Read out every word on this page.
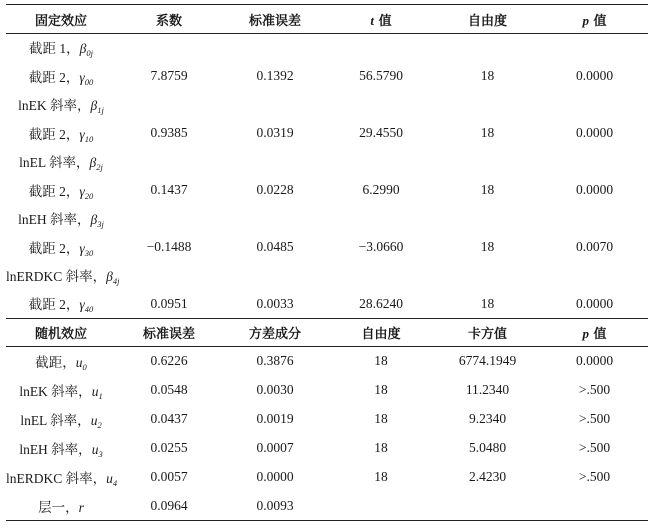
固定效应	系数	标准误差	t 值	自由度	p 值
截距 1，$\beta_{0j}$					
截距 2，$\gamma_{00}$	7.8759	0.1392	56.5790	18	0.0000
lnEK 斜率，$\beta_{1j}$					
截距 2，$\gamma_{10}$	0.9385	0.0319	29.4550	18	0.0000
lnEL 斜率，$\beta_{2j}$					
截距 2，$\gamma_{20}$	0.1437	0.0228	6.2990	18	0.0000
lnEH 斜率，$\beta_{3j}$					
截距 2，$\gamma_{30}$	−0.1488	0.0485	−3.0660	18	0.0070
lnERDKC 斜率，$\beta_{4j}$					
截距 2，$\gamma_{40}$	0.0951	0.0033	28.6240	18	0.0000
随机效应	标准误差	方差成分	自由度	卡方值	p 值
截距，$u_0$	0.6226	0.3876	18	6774.1949	0.0000
lnEK 斜率，$u_1$	0.0548	0.0030	18	11.2340	>.500
lnEL 斜率，$u_2$	0.0437	0.0019	18	9.2340	>.500
lnEH 斜率，$u_3$	0.0255	0.0007	18	5.0480	>.500
lnERDKC 斜率，$u_4$	0.0057	0.0000	18	2.4230	>.500
层一，r	0.0964	0.0093			
